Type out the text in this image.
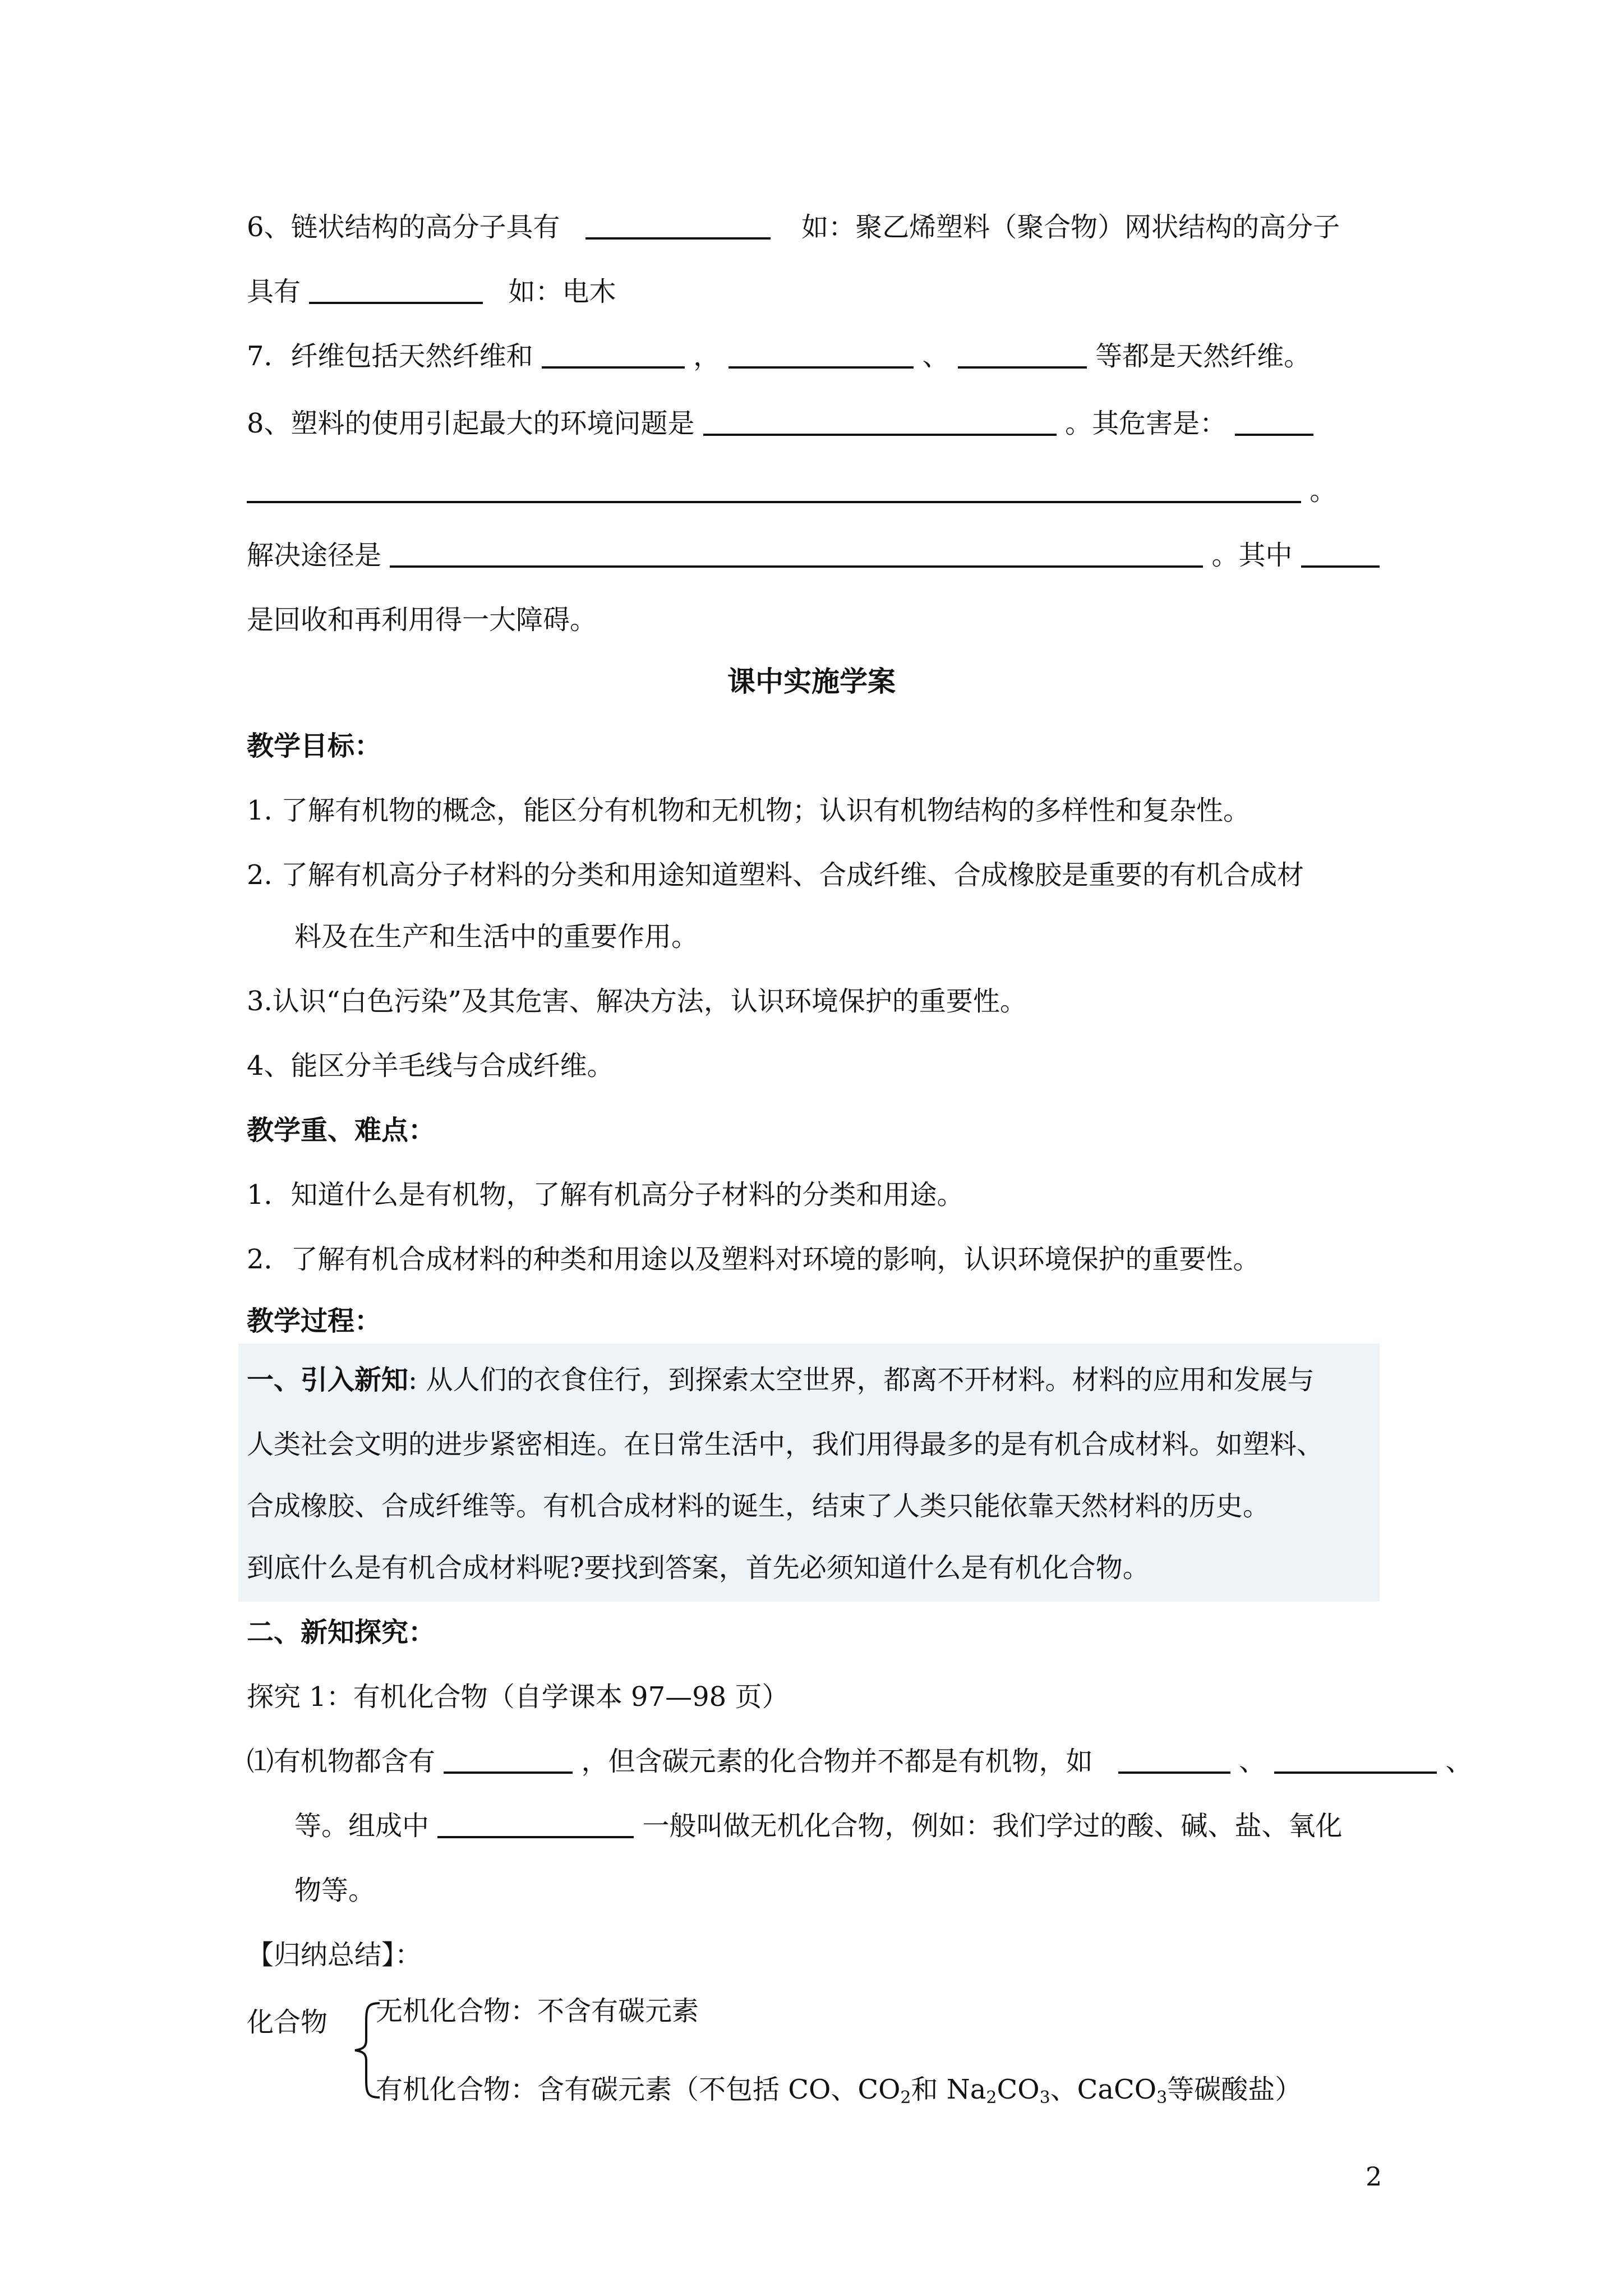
6、链状结构的高分子具有	如：聚乙烯塑料（聚合物）网状结构的高分子
具有	如：电木
7．纤维包括天然纤维和	，	、	等都是天然纤维。
8、塑料的使用引起最大的环境问题是	。其危害是：
。
解决途径是	。其中
是回收和再利用得一大障碍。
课中实施学案
教学目标：
1. 了解有机物的概念，能区分有机物和无机物；认识有机物结构的多样性和复杂性。
2. 了解有机高分子材料的分类和用途知道塑料、合成纤维、合成橡胶是重要的有机合成材
料及在生产和生活中的重要作用。
3.认识“白色污染”及其危害、解决方法，认识环境保护的重要性。
4、能区分羊毛线与合成纤维。
教学重、难点：
1．知道什么是有机物，了解有机高分子材料的分类和用途。
2．了解有机合成材料的种类和用途以及塑料对环境的影响，认识环境保护的重要性。
教学过程：
一、引入新知: 从人们的衣食住行，到探索太空世界，都离不开材料。材料的应用和发展与
人类社会文明的进步紧密相连。在日常生活中，我们用得最多的是有机合成材料。如塑料、
合成橡胶、合成纤维等。有机合成材料的诞生，结束了人类只能依靠天然材料的历史。
到底什么是有机合成材料呢?要找到答案，首先必须知道什么是有机化合物。
二、新知探究：
探究 1：有机化合物（自学课本 97—98 页）
⑴有机物都含有	，但含碳元素的化合物并不都是有机物，如	、	、
等。组成中	一般叫做无机化合物，例如：我们学过的酸、碱、盐、氧化
物等。
【归纳总结】：
化合物 无机化合物：不含有碳元素
有机化合物：含有碳元素（不包括 CO、$CO_2$和 $Na_2CO_3$、CaCO$_3$等碳酸盐）
2
